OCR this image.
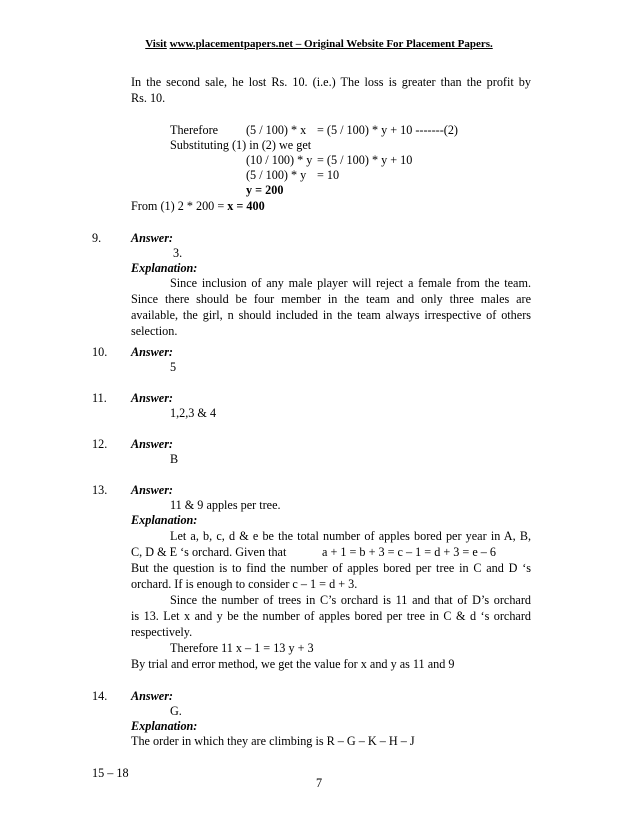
Visit www.placementpapers.net – Original Website For Placement Papers.
In the second sale, he lost Rs. 10. (i.e.) The loss is greater than the profit by
Rs. 10.
Therefore (5 / 100) * x = (5 / 100) * y + 10 -------(2)
Substituting (1) in (2) we get
(10 / 100) * y = (5 / 100) * y + 10
(5 / 100) * y = 10
y = 200
From (1) 2 * 200 = x = 400
9. Answer:
3.
Explanation:
Since inclusion of any male player will reject a female from the team.
Since there should be four member in the team and only three males are
available, the girl, n should included in the team always irrespective of others
selection.
10. Answer:
5
11. Answer:
1,2,3 & 4
12. Answer:
B
13. Answer:
11 & 9 apples per tree.
Explanation:
Let a, b, c, d & e be the total number of apples bored per year in A, B,
C, D & E ‘s orchard. Given that	a + 1 = b + 3 = c – 1 = d + 3 = e – 6
But the question is to find the number of apples bored per tree in C and D ‘s
orchard. If is enough to consider c – 1 = d + 3.
Since the number of trees in C’s orchard is 11 and that of D’s orchard
is 13. Let x and y be the number of apples bored per tree in C & d ‘s orchard
respectively.
Therefore 11 x – 1 = 13 y + 3
By trial and error method, we get the value for x and y as 11 and 9
14. Answer:
G.
Explanation:
The order in which they are climbing is R – G – K – H – J
15 – 18
7
